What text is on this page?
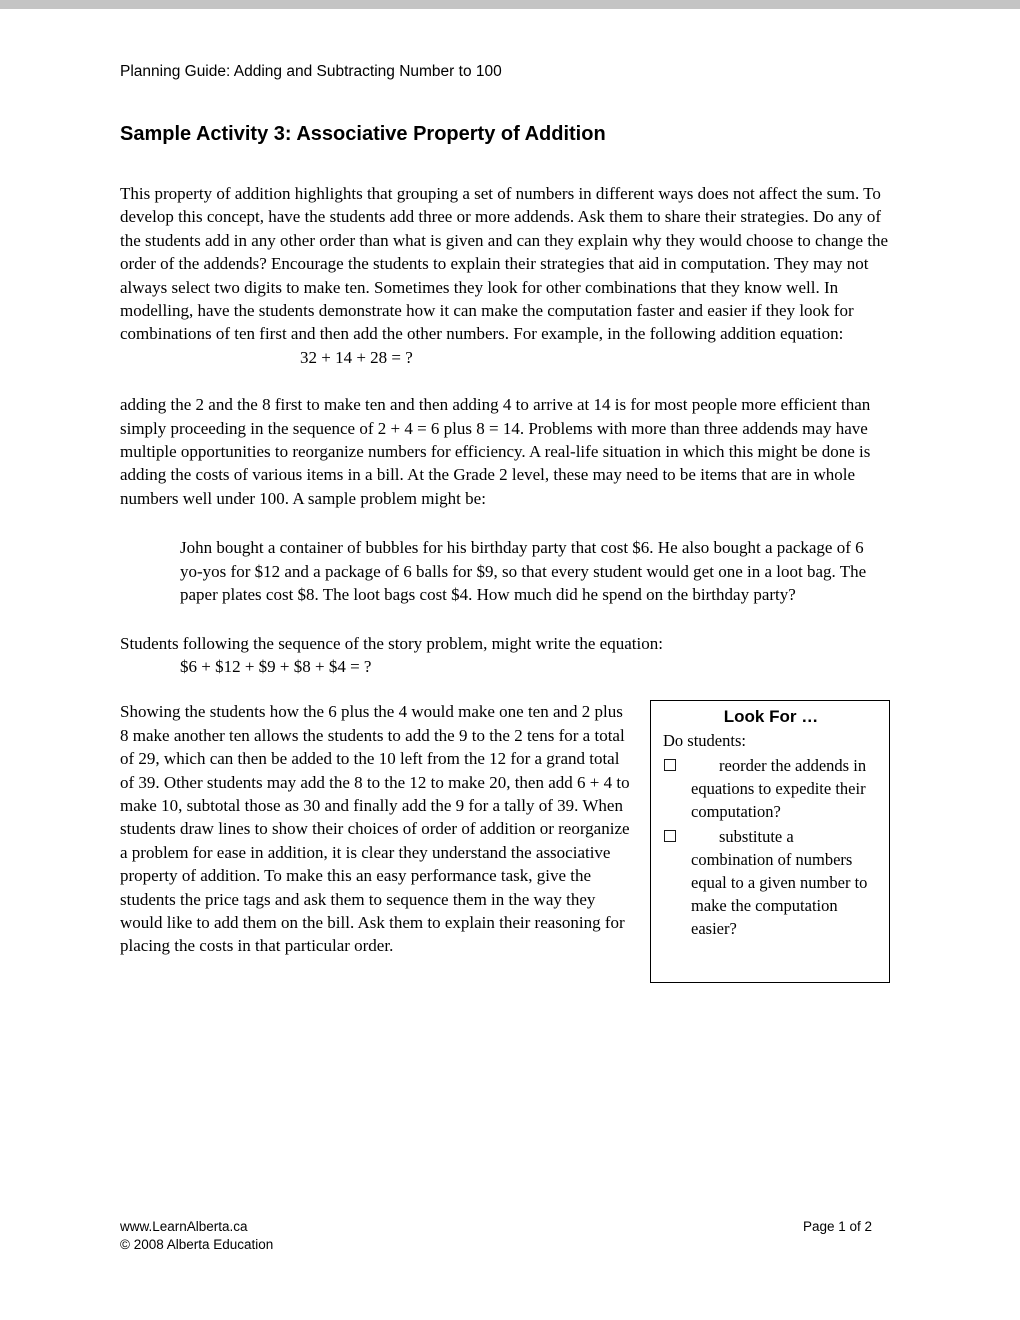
Planning Guide: Adding and Subtracting Number to 100
Sample Activity 3: Associative Property of Addition

This property of addition highlights that grouping a set of numbers in different ways does not affect the sum. To develop this concept, have the students add three or more addends. Ask them to share their strategies. Do any of the students add in any other order than what is given and can they explain why they would choose to change the order of the addends? Encourage the students to explain their strategies that aid in computation. They may not always select two digits to make ten. Sometimes they look for other combinations that they know well. In modelling, have the students demonstrate how it can make the computation faster and easier if they look for combinations of ten first and then add the other numbers. For example, in the following addition equation:

32 + 14 + 28 = ?

adding the 2 and the 8 first to make ten and then adding 4 to arrive at 14 is for most people more efficient than simply proceeding in the sequence of 2 + 4 = 6 plus 8 = 14. Problems with more than three addends may have multiple opportunities to reorganize numbers for efficiency. A real-life situation in which this might be done is adding the costs of various items in a bill. At the Grade 2 level, these may need to be items that are in whole numbers well under 100. A sample problem might be:

John bought a container of bubbles for his birthday party that cost $6. He also bought a package of 6 yo-yos for $12 and a package of 6 balls for $9, so that every student would get one in a loot bag. The paper plates cost $8. The loot bags cost $4. How much did he spend on the birthday party?

Students following the sequence of the story problem, might write the equation:

$6 + $12 + $9 + $8 + $4 = ?
Look For …
Do students:
reorder the addends in equations to expedite their computation?
substitute a combination of numbers equal to a given number to make the computation easier?

Showing the students how the 6 plus the 4 would make one ten and 2 plus 8 make another ten allows the students to add the 9 to the 2 tens for a total of 29, which can then be added to the 10 left from the 12 for a grand total of 39. Other students may add the 8 to the 12 to make 20, then add 6 + 4 to make 10, subtotal those as 30 and finally add the 9 for a tally of 39. When students draw lines to show their choices of order of addition or reorganize a problem for ease in addition, it is clear they understand the associative property of addition. To make this an easy performance task, give the students the price tags and ask them to sequence them in the way they would like to add them on the bill. Ask them to explain their reasoning for placing the costs in that particular order.

www.LearnAlberta.ca
© 2008 Alberta Education
Page 1 of 2
